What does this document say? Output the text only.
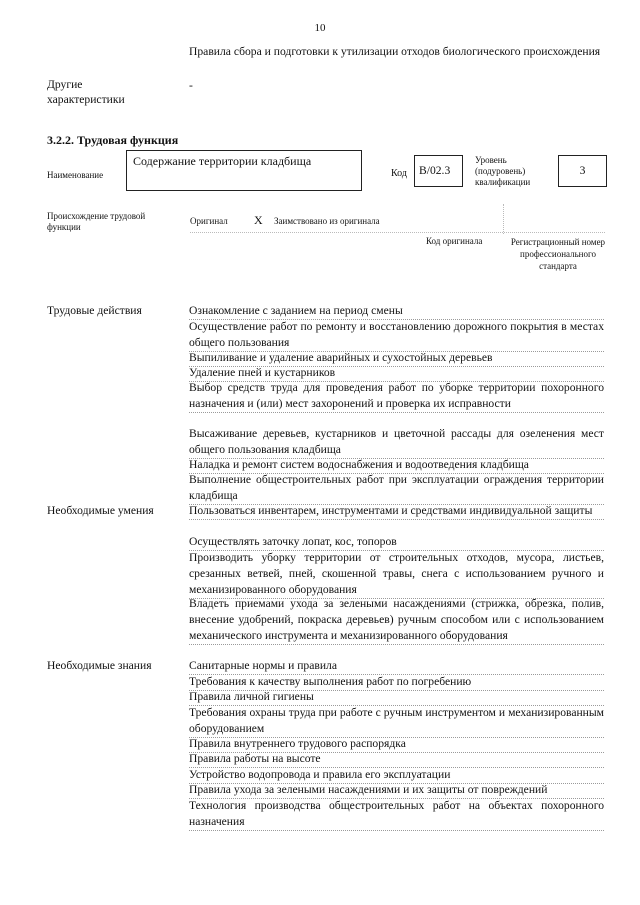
10
Правила сбора и подготовки к утилизации отходов биологического происхождения
Другие характеристики
-
3.2.2. Трудовая функция
Наименование
Содержание территории кладбища
Код B/02.3
Уровень (подуровень) квалификации
3
Происхождение трудовой функции
Оригинал X Заимствовано из оригинала
Код оригинала	Регистрационный номер профессионального стандарта
Трудовые действия	Ознакомление с заданием на период смены
Осуществление работ по ремонту и восстановлению дорожного покрытия в местах общего пользования
Выпиливание и удаление аварийных и сухостойных деревьев
Удаление пней и кустарников
Выбор средств труда для проведения работ по уборке территории похоронного назначения и (или) мест захоронений и проверка их исправности
Высаживание деревьев, кустарников и цветочной рассады для озеленения мест общего пользования кладбища
Наладка и ремонт систем водоснабжения и водоотведения кладбища
Выполнение общестроительных работ при эксплуатации ограждения территории кладбища
Необходимые умения	Пользоваться инвентарем, инструментами и средствами индивидуальной защиты
Осуществлять заточку лопат, кос, топоров
Производить уборку территории от строительных отходов, мусора, листьев, срезанных ветвей, пней, скошенной травы, снега с использованием ручного и механизированного оборудования
Владеть приемами ухода за зелеными насаждениями (стрижка, обрезка, полив, внесение удобрений, покраска деревьев) ручным способом или с использованием механического инструмента и механизированного оборудования
Необходимые знания	Санитарные нормы и правила
Требования к качеству выполнения работ по погребению
Правила личной гигиены
Требования охраны труда при работе с ручным инструментом и механизированным оборудованием
Правила внутреннего трудового распорядка
Правила работы на высоте
Устройство водопровода и правила его эксплуатации
Правила ухода за зелеными насаждениями и их защиты от повреждений
Технология производства общестроительных работ на объектах похоронного назначения
